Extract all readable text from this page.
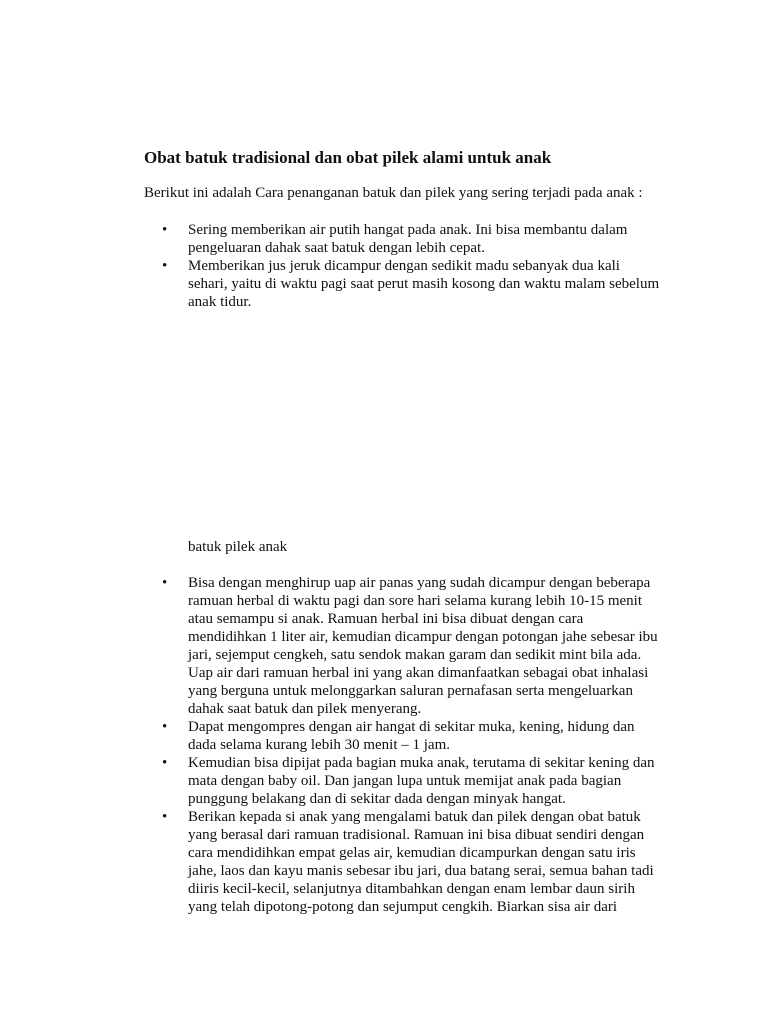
Obat batuk tradisional dan obat pilek alami untuk anak

Berikut ini adalah Cara penanganan batuk dan pilek yang sering terjadi pada anak :

•	Sering memberikan air putih hangat pada anak. Ini bisa membantu dalam
pengeluaran dahak saat batuk dengan lebih cepat.
•	Memberikan jus jeruk dicampur dengan sedikit madu sebanyak dua kali
sehari, yaitu di waktu pagi saat perut masih kosong dan waktu malam sebelum
anak tidur.

batuk pilek anak

•	Bisa dengan menghirup uap air panas yang sudah dicampur dengan beberapa
ramuan herbal di waktu pagi dan sore hari selama kurang lebih 10-15 menit
atau semampu si anak. Ramuan herbal ini bisa dibuat dengan cara
mendidihkan 1 liter air, kemudian dicampur dengan potongan jahe sebesar ibu
jari, sejemput cengkeh, satu sendok makan garam dan sedikit mint bila ada.
Uap air dari ramuan herbal ini yang akan dimanfaatkan sebagai obat inhalasi
yang berguna untuk melonggarkan saluran pernafasan serta mengeluarkan
dahak saat batuk dan pilek menyerang.
•	Dapat mengompres dengan air hangat di sekitar muka, kening, hidung dan
dada selama kurang lebih 30 menit – 1 jam.
•	Kemudian bisa dipijat pada bagian muka anak, terutama di sekitar kening dan
mata dengan baby oil. Dan jangan lupa untuk memijat anak pada bagian
punggung belakang dan di sekitar dada dengan minyak hangat.
•	Berikan kepada si anak yang mengalami batuk dan pilek dengan obat batuk
yang berasal dari ramuan tradisional. Ramuan ini bisa dibuat sendiri dengan
cara mendidihkan empat gelas air, kemudian dicampurkan dengan satu iris
jahe, laos dan kayu manis sebesar ibu jari, dua batang serai, semua bahan tadi
diiris kecil-kecil, selanjutnya ditambahkan dengan enam lembar daun sirih
yang telah dipotong-potong dan sejumput cengkih. Biarkan sisa air dari
